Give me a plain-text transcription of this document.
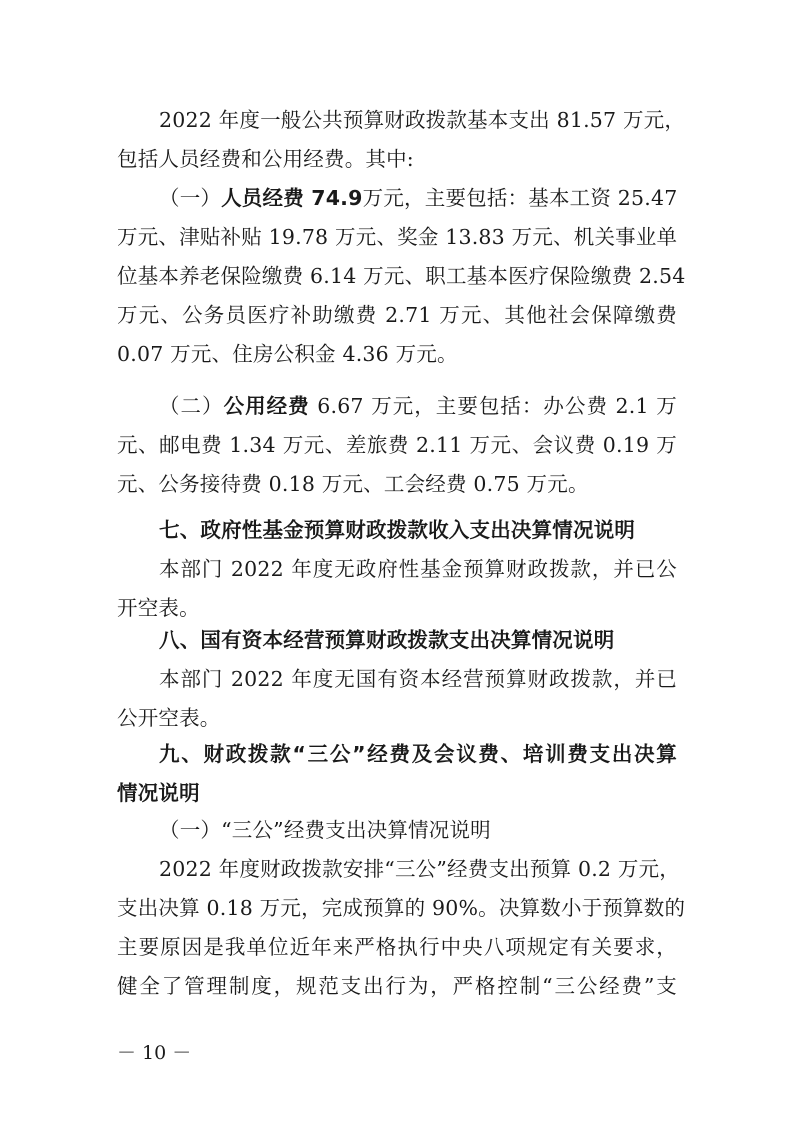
2022 年度一般公共预算财政拨款基本支出 81.57 万元，
包括人员经费和公用经费。其中:
（一）人员经费 74.9万元，主要包括：基本工资 25.47
万元、津贴补贴 19.78 万元、奖金 13.83 万元、机关事业单
位基本养老保险缴费 6.14 万元、职工基本医疗保险缴费 2.54
万元、公务员医疗补助缴费 2.71 万元、其他社会保障缴费
0.07 万元、住房公积金 4.36 万元。
（二）公用经费 6.67 万元，主要包括：办公费 2.1 万
元、邮电费 1.34 万元、差旅费 2.11 万元、会议费 0.19 万
元、公务接待费 0.18 万元、工会经费 0.75 万元。
七、政府性基金预算财政拨款收入支出决算情况说明
本部门 2022 年度无政府性基金预算财政拨款，并已公
开空表。
八、国有资本经营预算财政拨款支出决算情况说明
本部门 2022 年度无国有资本经营预算财政拨款，并已
公开空表。
九、财政拨款“三公”经费及会议费、培训费支出决算
情况说明
（一）“三公”经费支出决算情况说明
2022 年度财政拨款安排“三公”经费支出预算 0.2 万元，
支出决算 0.18 万元，完成预算的 90%。决算数小于预算数的
主要原因是我单位近年来严格执行中央八项规定有关要求，
健全了管理制度，规范支出行为，严格控制“三公经费”支
－ 10 －
